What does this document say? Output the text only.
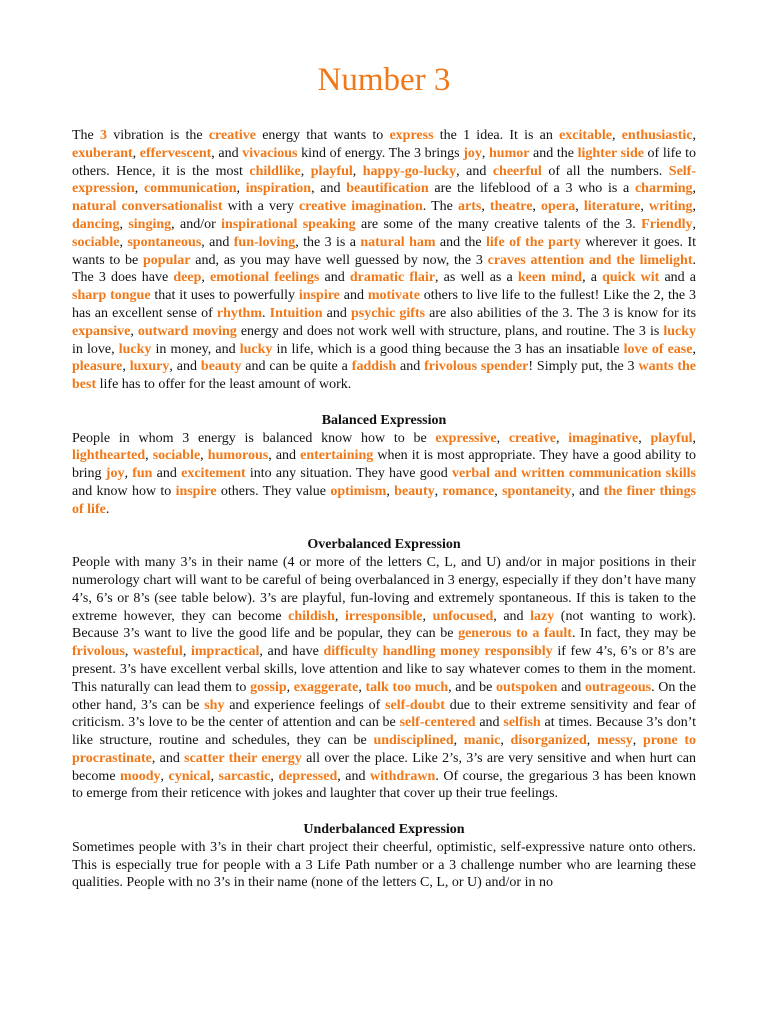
Number 3

The 3 vibration is the creative energy that wants to express the 1 idea. It is an excitable, enthusiastic, exuberant, effervescent, and vivacious kind of energy. The 3 brings joy, humor and the lighter side of life to others. Hence, it is the most childlike, playful, happy-go-lucky, and cheerful of all the numbers. Self-expression, communication, inspiration, and beautification are the lifeblood of a 3 who is a charming, natural conversationalist with a very creative imagination. The arts, theatre, opera, literature, writing, dancing, singing, and/or inspirational speaking are some of the many creative talents of the 3. Friendly, sociable, spontaneous, and fun-loving, the 3 is a natural ham and the life of the party wherever it goes. It wants to be popular and, as you may have well guessed by now, the 3 craves attention and the limelight. The 3 does have deep, emotional feelings and dramatic flair, as well as a keen mind, a quick wit and a sharp tongue that it uses to powerfully inspire and motivate others to live life to the fullest! Like the 2, the 3 has an excellent sense of rhythm. Intuition and psychic gifts are also abilities of the 3. The 3 is know for its expansive, outward moving energy and does not work well with structure, plans, and routine. The 3 is lucky in love, lucky in money, and lucky in life, which is a good thing because the 3 has an insatiable love of ease, pleasure, luxury, and beauty and can be quite a faddish and frivolous spender! Simply put, the 3 wants the best life has to offer for the least amount of work.

Balanced Expression

People in whom 3 energy is balanced know how to be expressive, creative, imaginative, playful, lighthearted, sociable, humorous, and entertaining when it is most appropriate. They have a good ability to bring joy, fun and excitement into any situation. They have good verbal and written communication skills and know how to inspire others. They value optimism, beauty, romance, spontaneity, and the finer things of life.

Overbalanced Expression

People with many 3’s in their name (4 or more of the letters C, L, and U) and/or in major positions in their numerology chart will want to be careful of being overbalanced in 3 energy, especially if they don’t have many 4’s, 6’s or 8’s (see table below). 3’s are playful, fun-loving and extremely spontaneous. If this is taken to the extreme however, they can become childish, irresponsible, unfocused, and lazy (not wanting to work). Because 3’s want to live the good life and be popular, they can be generous to a fault. In fact, they may be frivolous, wasteful, impractical, and have difficulty handling money responsibly if few 4’s, 6’s or 8’s are present. 3’s have excellent verbal skills, love attention and like to say whatever comes to them in the moment. This naturally can lead them to gossip, exaggerate, talk too much, and be outspoken and outrageous. On the other hand, 3’s can be shy and experience feelings of self-doubt due to their extreme sensitivity and fear of criticism. 3’s love to be the center of attention and can be self-centered and selfish at times. Because 3’s don’t like structure, routine and schedules, they can be undisciplined, manic, disorganized, messy, prone to procrastinate, and scatter their energy all over the place. Like 2’s, 3’s are very sensitive and when hurt can become moody, cynical, sarcastic, depressed, and withdrawn. Of course, the gregarious 3 has been known to emerge from their reticence with jokes and laughter that cover up their true feelings.

Underbalanced Expression

Sometimes people with 3’s in their chart project their cheerful, optimistic, self-expressive nature onto others. This is especially true for people with a 3 Life Path number or a 3 challenge number who are learning these qualities. People with no 3’s in their name (none of the letters C, L, or U) and/or in no
